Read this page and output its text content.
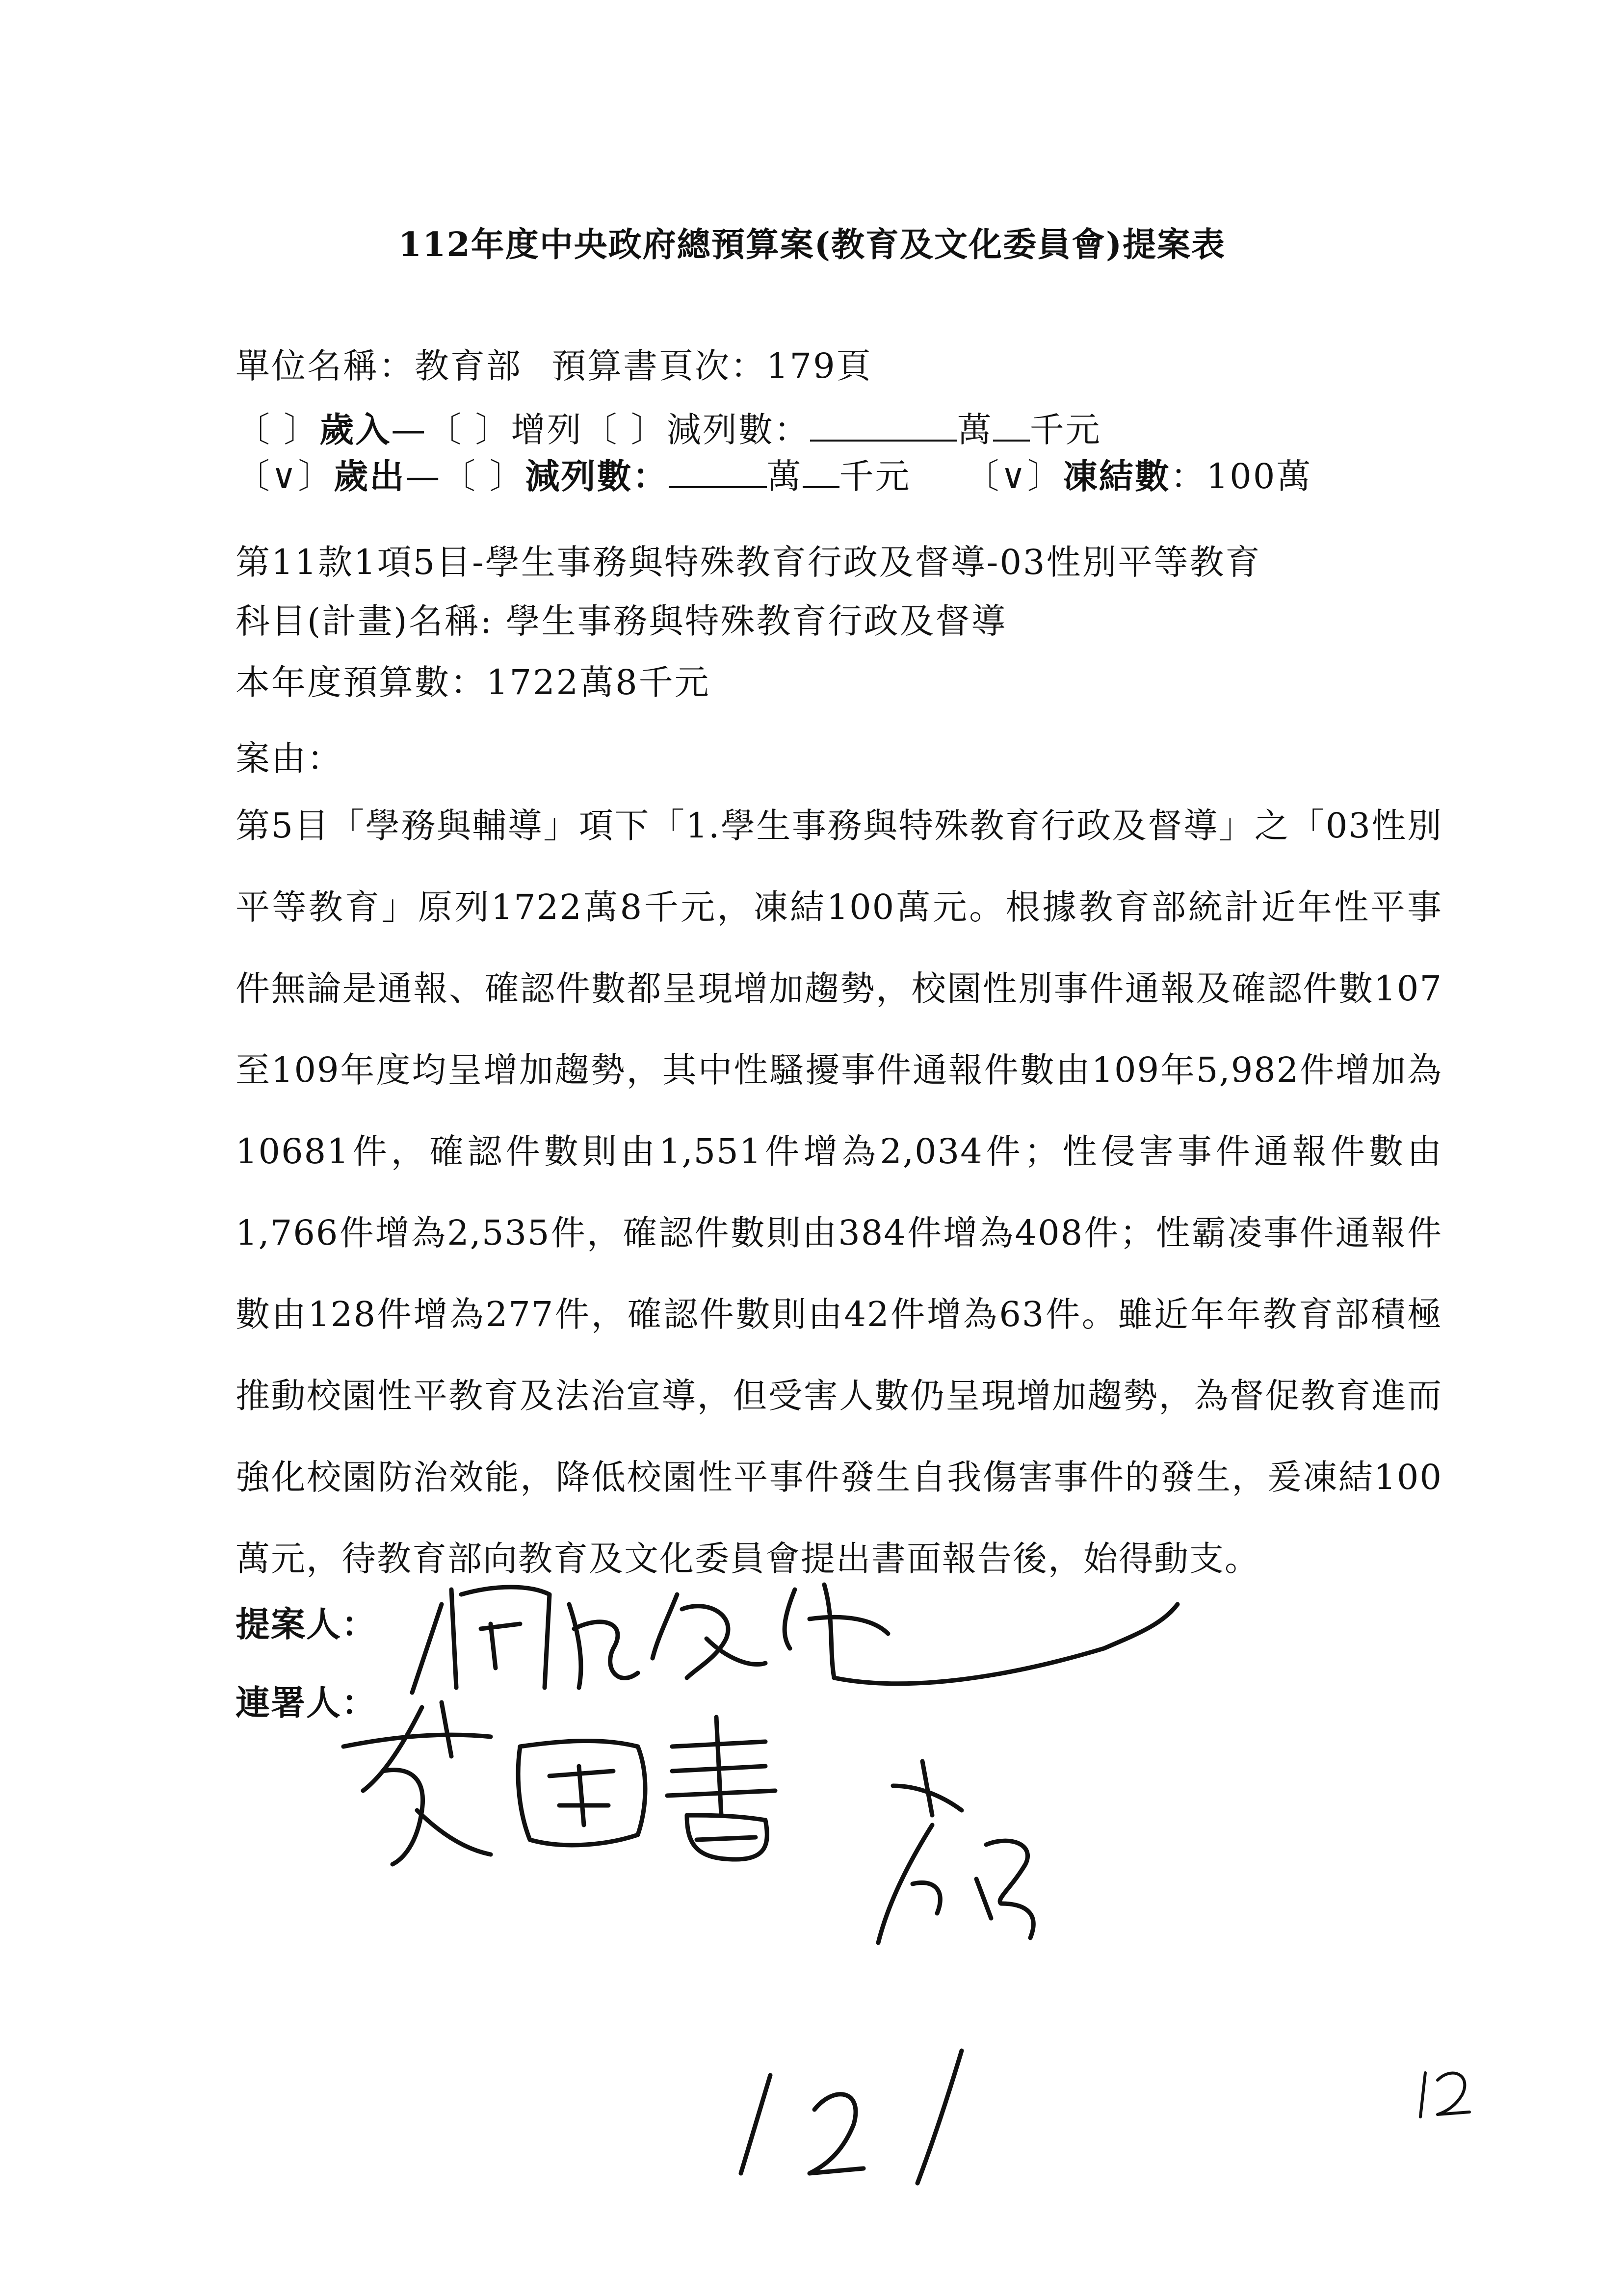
112年度中央政府總預算案(教育及文化委員會)提案表
單位名稱：教育部 預算書頁次：179頁
〔 〕歲入—〔 〕增列〔 〕減列數：	萬 千元
〔∨〕歲出—〔 〕減列數：	萬 千元 〔∨〕凍結數：100萬
第11款1項5目-學生事務與特殊教育行政及督導-03性別平等教育
科目(計畫)名稱: 學生事務與特殊教育行政及督導
本年度預算數：1722萬8千元
案由：
第5目「學務與輔導」項下「1.學生事務與特殊教育行政及督導」之「03性別平等教育」原列1722萬8千元，凍結100萬元。根據教育部統計近年性平事件無論是通報、確認件數都呈現增加趨勢，校園性別事件通報及確認件數107至109年度均呈增加趨勢，其中性騷擾事件通報件數由109年5,982件增加為10681件，確認件數則由1,551件增為2,034件；性侵害事件通報件數由1,766件增為2,535件，確認件數則由384件增為408件；性霸凌事件通報件數由128件增為277件，確認件數則由42件增為63件。雖近年年教育部積極推動校園性平教育及法治宣導，但受害人數仍呈現增加趨勢，為督促教育進而強化校園防治效能，降低校園性平事件發生自我傷害事件的發生，爰凍結100萬元，待教育部向教育及文化委員會提出書面報告後，始得動支。
提案人：
連署人：
